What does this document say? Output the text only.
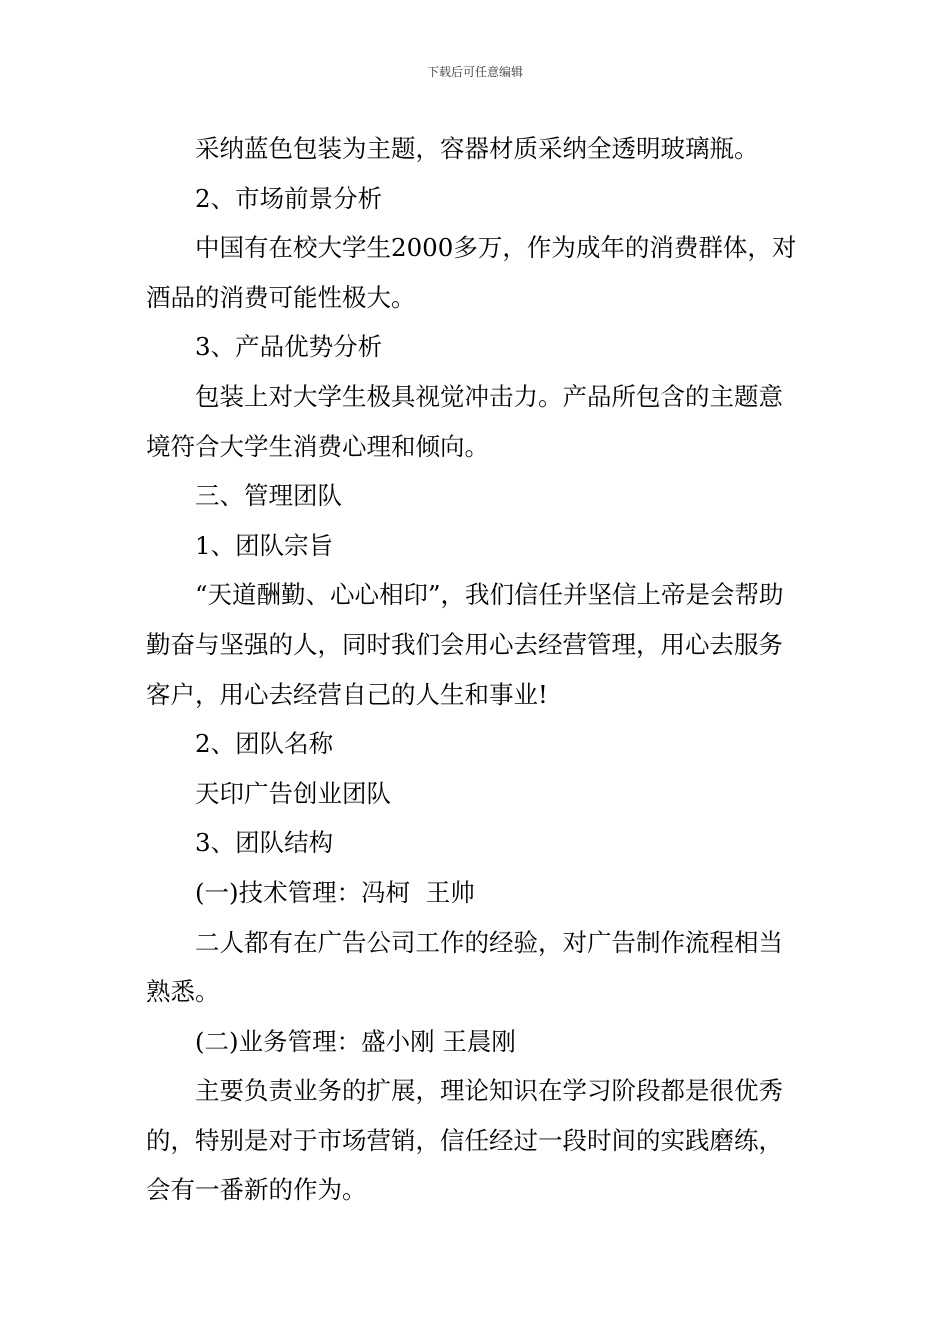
下载后可任意编辑

采纳蓝色包装为主题，容器材质采纳全透明玻璃瓶。

2、市场前景分析

中国有在校大学生2000多万，作为成年的消费群体，对酒品的消费可能性极大。

3、产品优势分析

包装上对大学生极具视觉冲击力。产品所包含的主题意境符合大学生消费心理和倾向。

三、管理团队

1、团队宗旨

“天道酬勤、心心相印”，我们信任并坚信上帝是会帮助勤奋与坚强的人，同时我们会用心去经营管理，用心去服务客户，用心去经营自己的人生和事业!

2、团队名称

天印广告创业团队

3、团队结构

(一)技术管理：冯柯  王帅

二人都有在广告公司工作的经验，对广告制作流程相当熟悉。

(二)业务管理：盛小刚 王晨刚

主要负责业务的扩展，理论知识在学习阶段都是很优秀的，特别是对于市场营销，信任经过一段时间的实践磨练，会有一番新的作为。
